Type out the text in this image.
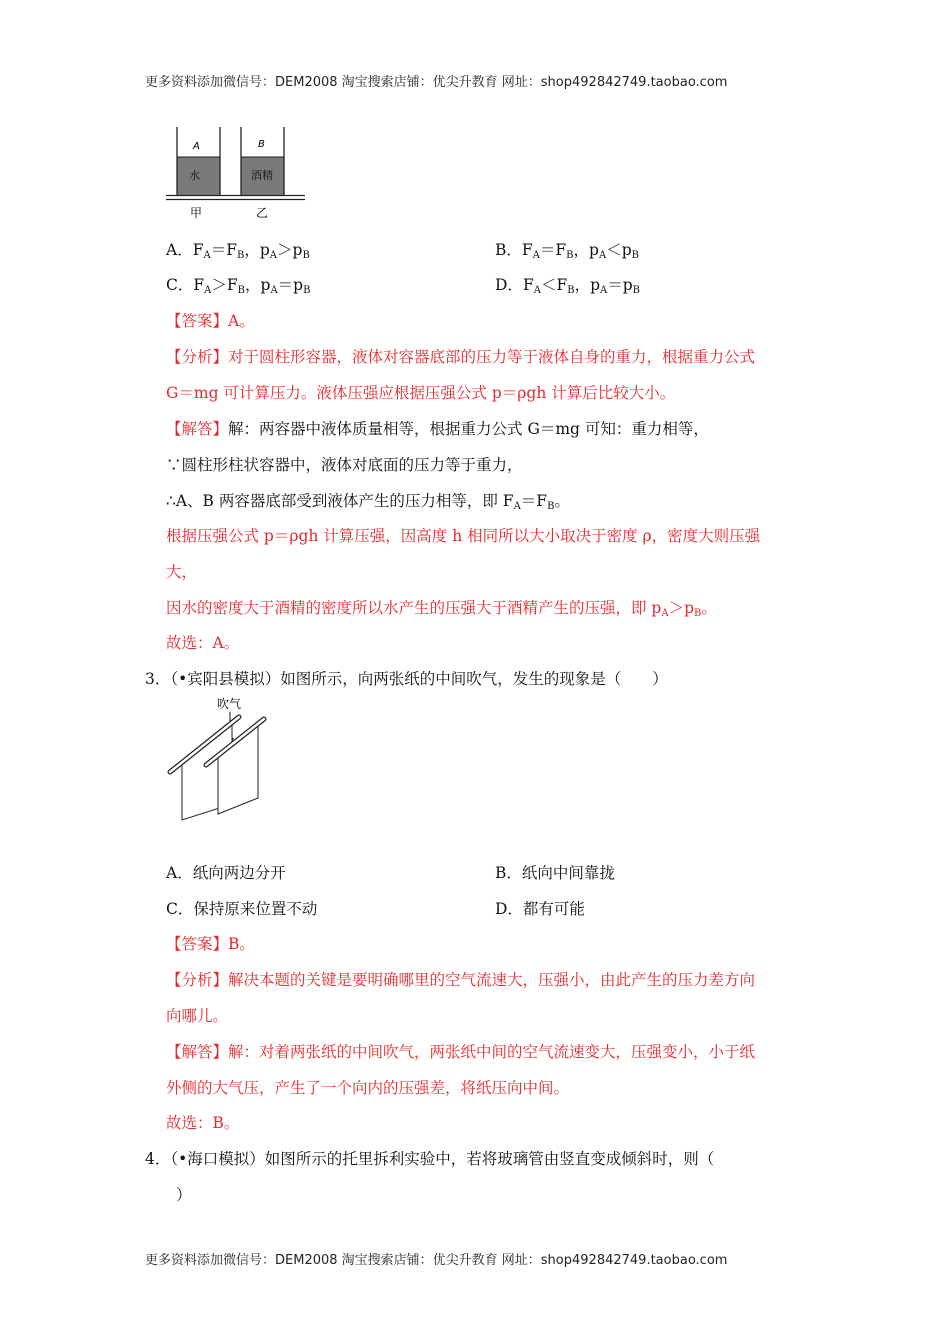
更多资料添加微信号：DEM2008 淘宝搜索店铺：优尖升教育 网址：shop492842749.taobao.com
A	B
水	酒精
甲	乙
A．$F_A=F_B$，$p_A>p_B$	B．$F_A=F_B$，$p_A<p_B$
C．$F_A>F_B$，$p_A=p_B$	D．$F_A<F_B$，$p_A=p_B$
【答案】A。
【分析】对于圆柱形容器，液体对容器底部的压力等于液体自身的重力，根据重力公式
G＝mg 可计算压力。液体压强应根据压强公式 p＝ρgh 计算后比较大小。
【解答】解：两容器中液体质量相等，根据重力公式 G＝mg 可知：重力相等，
∵圆柱形柱状容器中，液体对底面的压力等于重力，
∴A、B 两容器底部受到液体产生的压力相等，即 $F_A=F_B$。
根据压强公式 p＝ρgh 计算压强，因高度 h 相同所以大小取决于密度 ρ，密度大则压强
大，
因水的密度大于酒精的密度所以水产生的压强大于酒精产生的压强，即 $p_A>p_B$。
故选：A。
3．（•宾阳县模拟）如图所示，向两张纸的中间吹气，发生的现象是（　　）
吹气
A．纸向两边分开	B．纸向中间靠拢
C．保持原来位置不动	D．都有可能
【答案】B。
【分析】解决本题的关键是要明确哪里的空气流速大，压强小，由此产生的压力差方向
向哪儿。
【解答】解：对着两张纸的中间吹气，两张纸中间的空气流速变大，压强变小，小于纸
外侧的大气压，产生了一个向内的压强差，将纸压向中间。
故选：B。
4．（•海口模拟）如图所示的托里拆利实验中，若将玻璃管由竖直变成倾斜时，则（
）
更多资料添加微信号：DEM2008 淘宝搜索店铺：优尖升教育 网址：shop492842749.taobao.com
